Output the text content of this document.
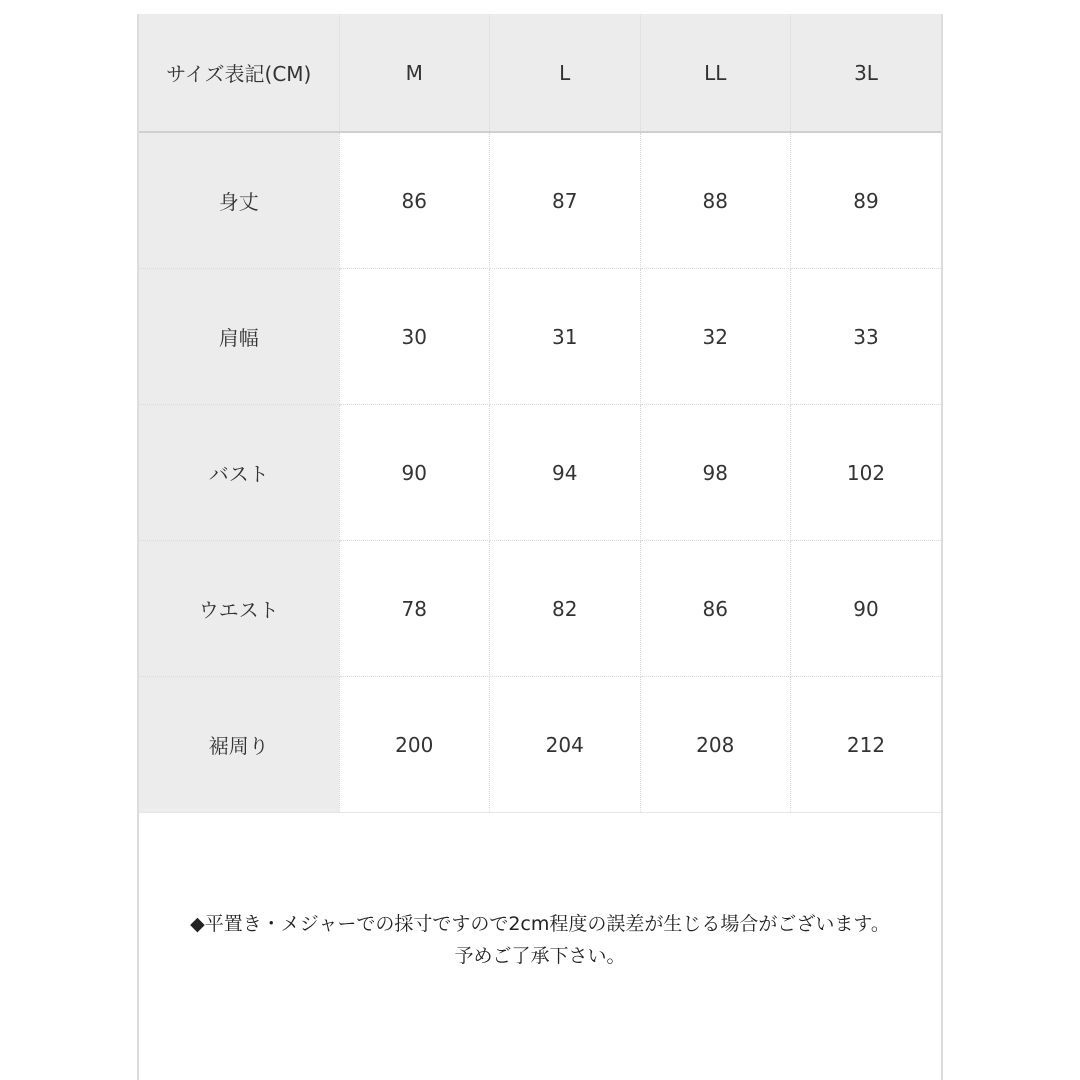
サイズ表記(CM)	M	L	LL	3L
身丈	86	87	88	89
肩幅	30	31	32	33
バスト	90	94	98	102
ウエスト	78	82	86	90
裾周り	200	204	208	212
◆平置き・メジャーでの採寸ですので2cm程度の誤差が生じる場合がございます。
予めご了承下さい。
